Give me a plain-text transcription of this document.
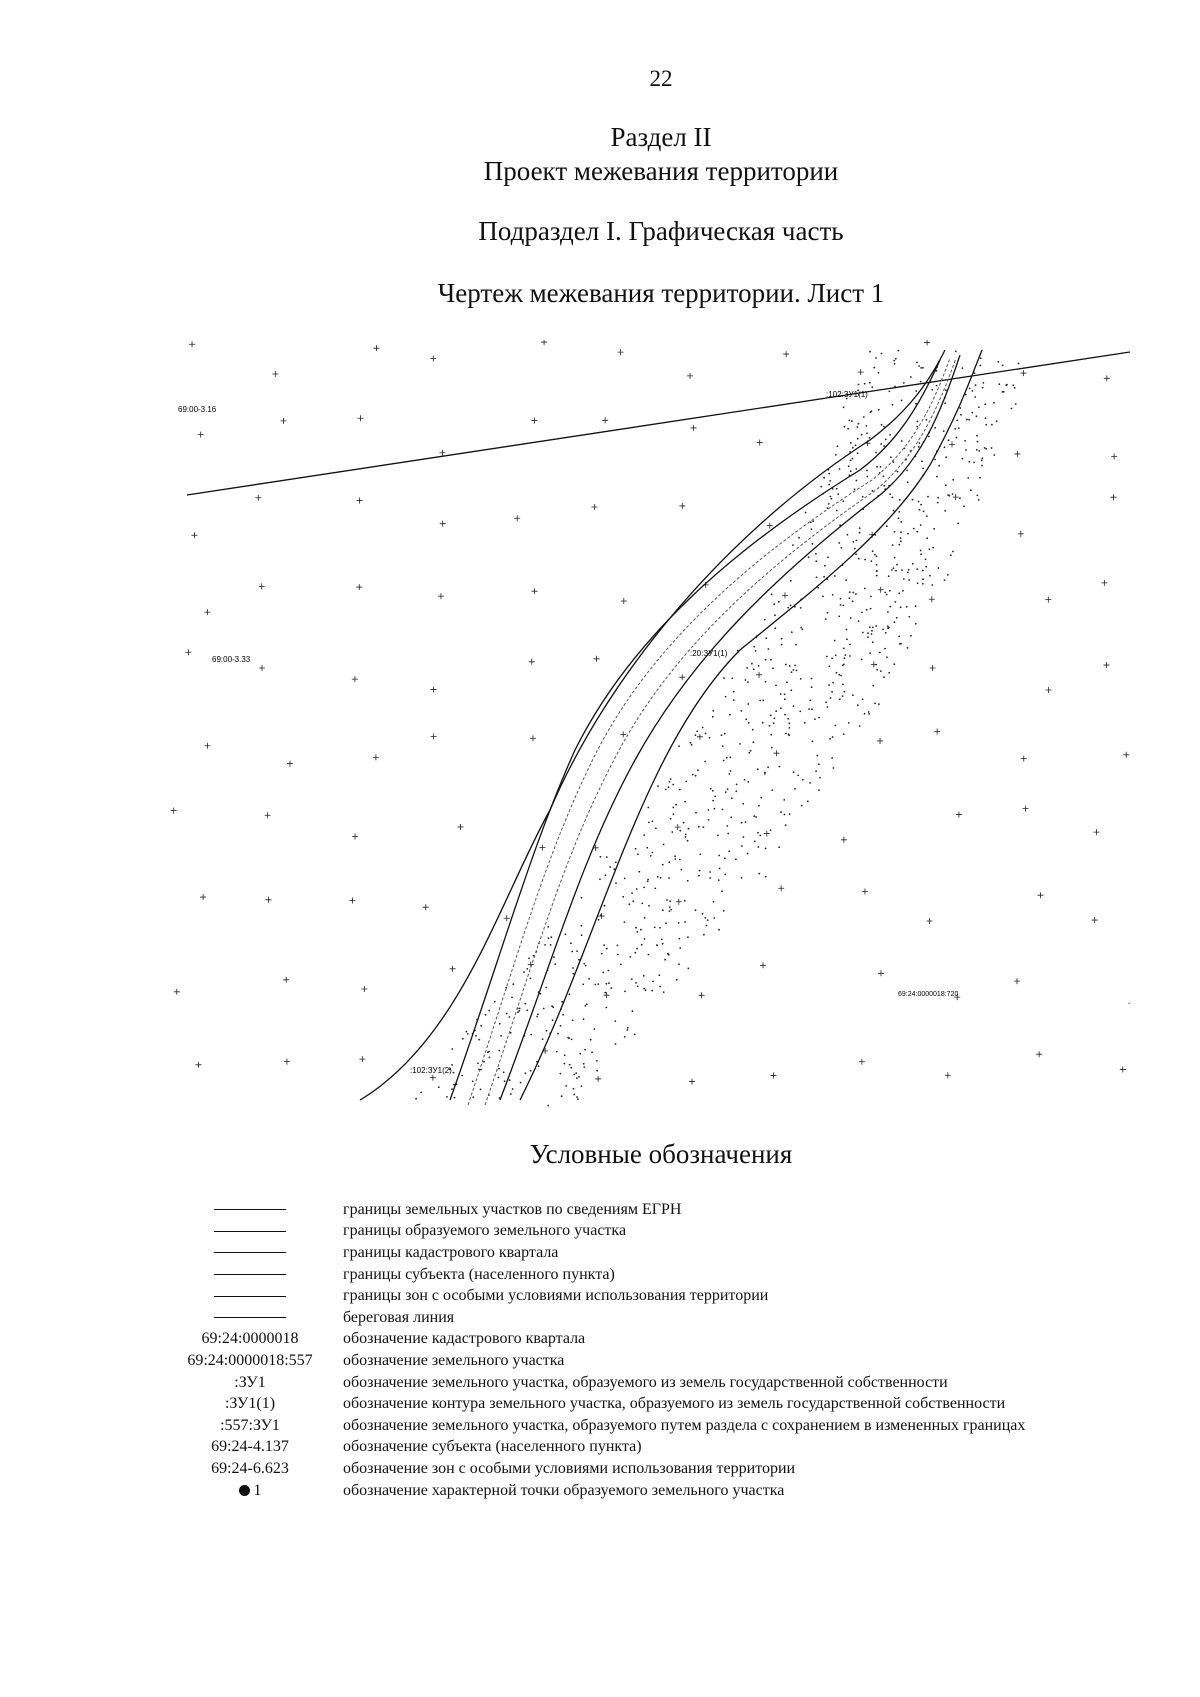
22
Раздел II
Проект межевания территории
Подраздел I. Графическая часть
Чертеж межевания территории. Лист 1
69:00-3.16
69:00-3.33
69:24:0000018:720
:102:ЗУ1(1)
:20:ЗУ1(1)
:102:ЗУ1(2)
Условные обозначения
границы земельных участков по сведениям ЕГРН
границы образуемого земельного участка
границы кадастрового квартала
границы субъекта (населенного пункта)
границы зон с особыми условиями использования территории
береговая линия
69:24:0000018	обозначение кадастрового квартала
69:24:0000018:557	обозначение земельного участка
:ЗУ1	обозначение земельного участка, образуемого из земель государственной собственности
:ЗУ1(1)	обозначение контура земельного участка, образуемого из земель государственной собственности
:557:ЗУ1	обозначение земельного участка, образуемого путем раздела с сохранением в измененных границах
69:24-4.137	обозначение субъекта (населенного пункта)
69:24-6.623	обозначение зон с особыми условиями использования территории
1	обозначение характерной точки образуемого земельного участка
